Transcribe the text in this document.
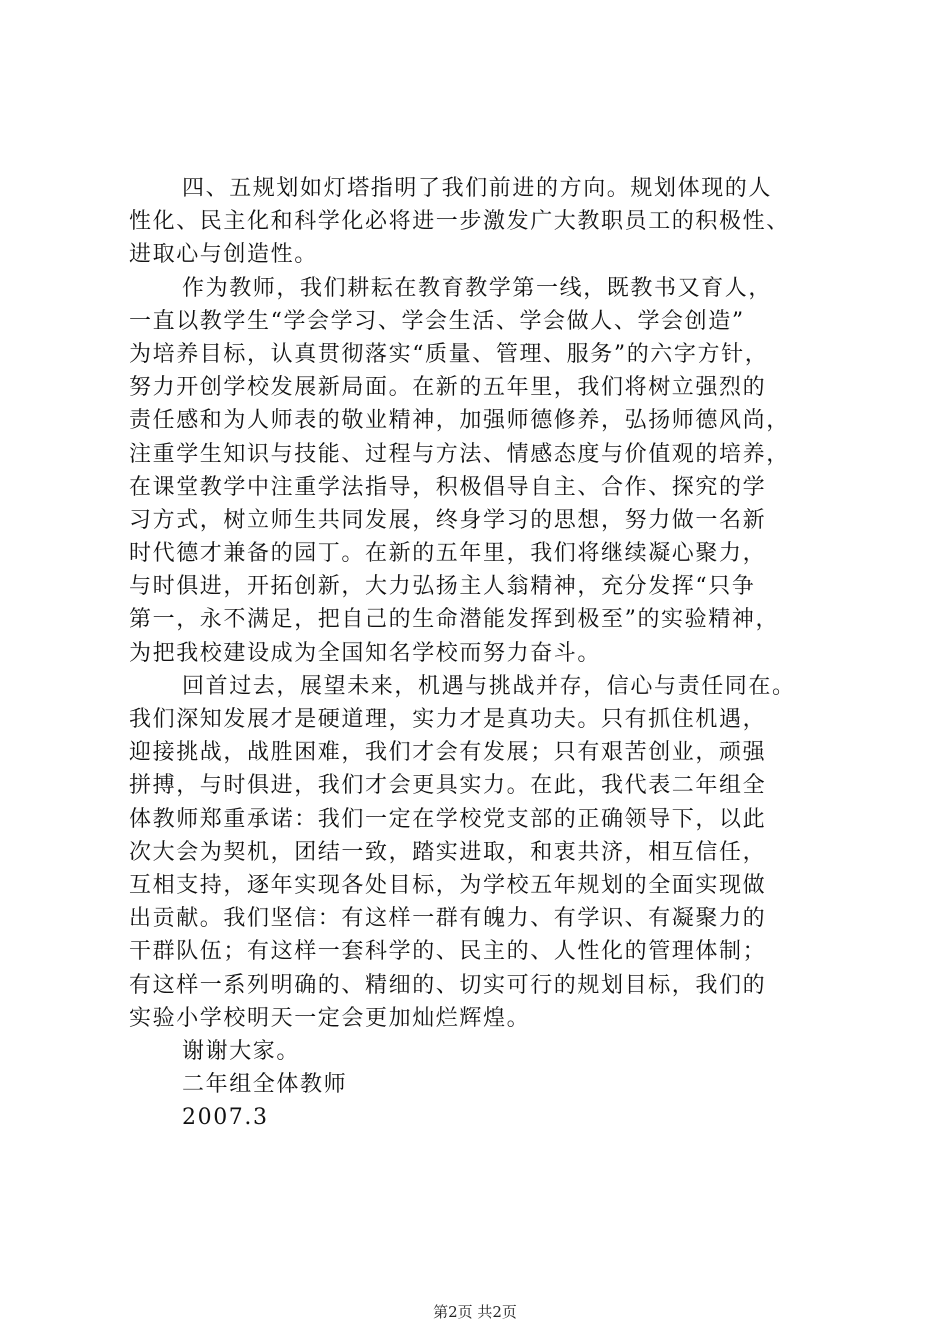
四、五规划如灯塔指明了我们前进的方向。规划体现的人
性化、民主化和科学化必将进一步激发广大教职员工的积极性、
进取心与创造性。
作为教师，我们耕耘在教育教学第一线，既教书又育人，
一直以教学生“学会学习、学会生活、学会做人、学会创造”
为培养目标，认真贯彻落实“质量、管理、服务”的六字方针，
努力开创学校发展新局面。在新的五年里，我们将树立强烈的
责任感和为人师表的敬业精神，加强师德修养，弘扬师德风尚，
注重学生知识与技能、过程与方法、情感态度与价值观的培养，
在课堂教学中注重学法指导，积极倡导自主、合作、探究的学
习方式，树立师生共同发展，终身学习的思想，努力做一名新
时代德才兼备的园丁。在新的五年里，我们将继续凝心聚力，
与时俱进，开拓创新，大力弘扬主人翁精神，充分发挥“只争
第一，永不满足，把自己的生命潜能发挥到极至”的实验精神，
为把我校建设成为全国知名学校而努力奋斗。
回首过去，展望未来，机遇与挑战并存，信心与责任同在。
我们深知发展才是硬道理，实力才是真功夫。只有抓住机遇，
迎接挑战，战胜困难，我们才会有发展；只有艰苦创业，顽强
拼搏，与时俱进，我们才会更具实力。在此，我代表二年组全
体教师郑重承诺：我们一定在学校党支部的正确领导下，以此
次大会为契机，团结一致，踏实进取，和衷共济，相互信任，
互相支持，逐年实现各处目标，为学校五年规划的全面实现做
出贡献。我们坚信：有这样一群有魄力、有学识、有凝聚力的
干群队伍；有这样一套科学的、民主的、人性化的管理体制；
有这样一系列明确的、精细的、切实可行的规划目标，我们的
实验小学校明天一定会更加灿烂辉煌。
谢谢大家。
二年组全体教师
2007.3
第2页 共2页
